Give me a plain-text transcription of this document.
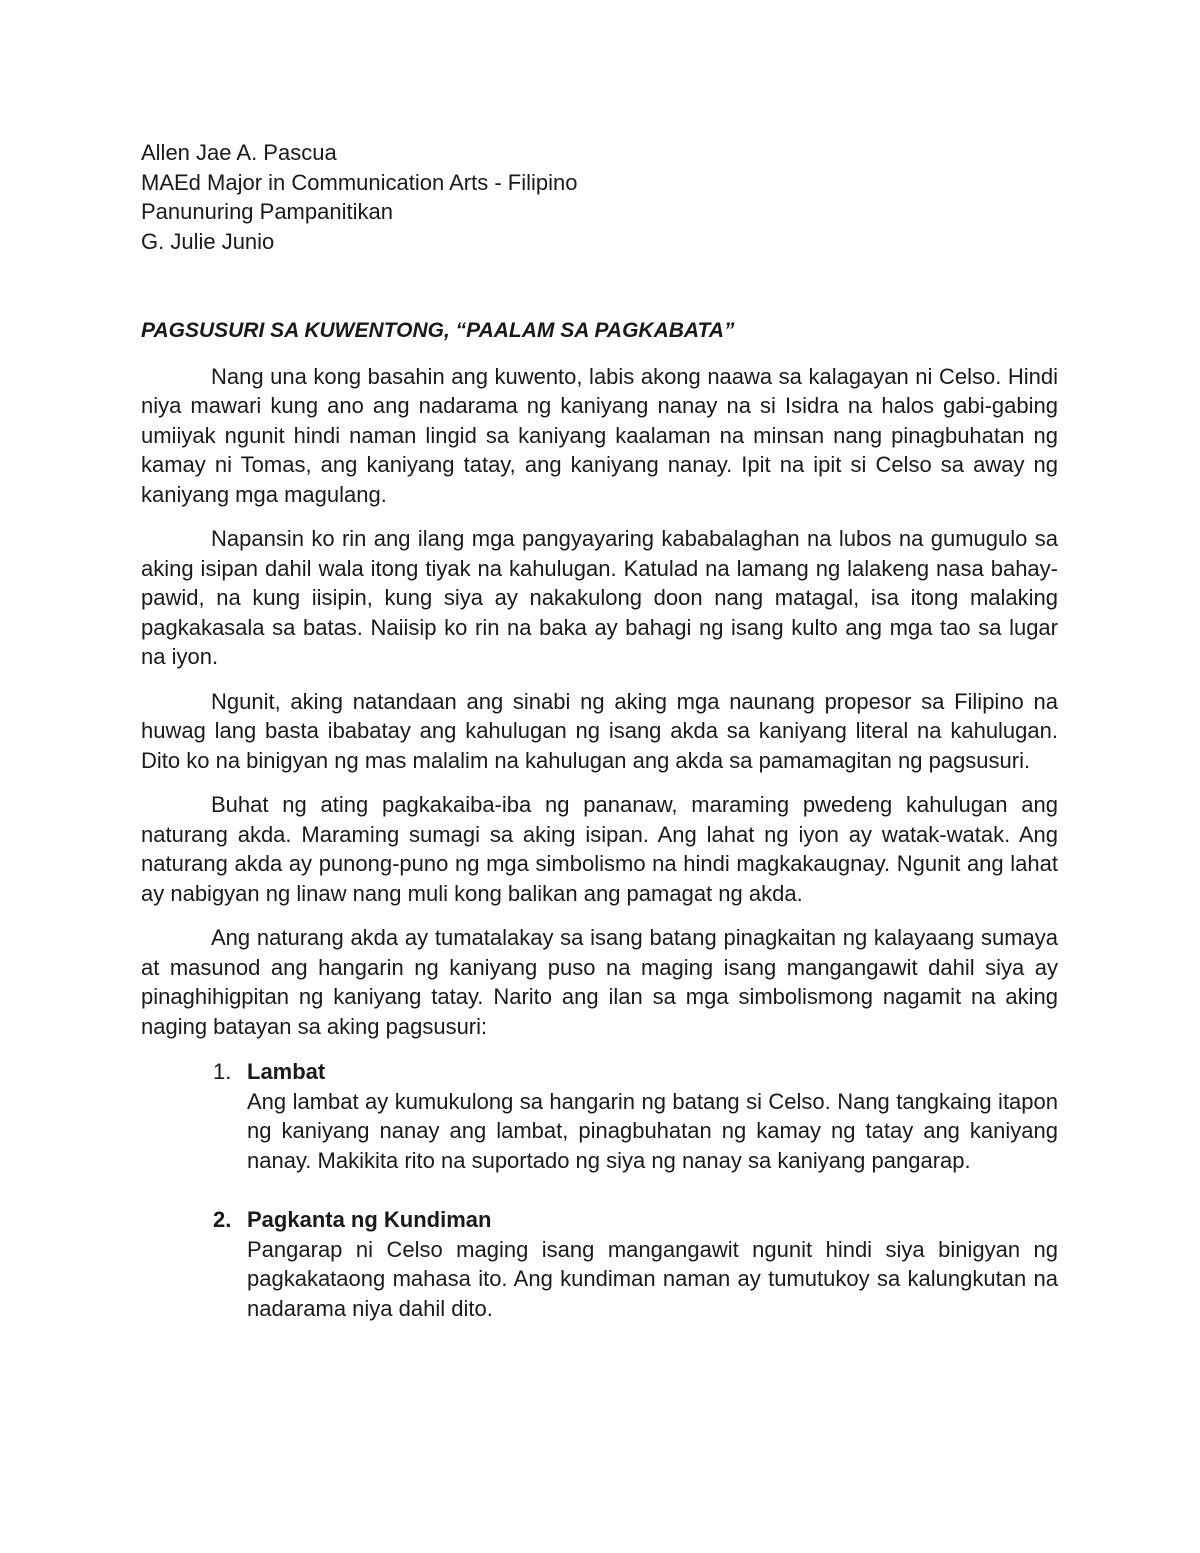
Allen Jae A. Pascua
MAEd Major in Communication Arts - Filipino
Panunuring Pampanitikan
G. Julie Junio
PAGSUSURI SA KUWENTONG, “PAALAM SA PAGKABATA”

Nang una kong basahin ang kuwento, labis akong naawa sa kalagayan ni Celso. Hindi niya mawari kung ano ang nadarama ng kaniyang nanay na si Isidra na halos gabi-gabing umiiyak ngunit hindi naman lingid sa kaniyang kaalaman na minsan nang pinagbuhatan ng kamay ni Tomas, ang kaniyang tatay, ang kaniyang nanay. Ipit na ipit si Celso sa away ng kaniyang mga magulang.

Napansin ko rin ang ilang mga pangyayaring kababalaghan na lubos na gumugulo sa aking isipan dahil wala itong tiyak na kahulugan. Katulad na lamang ng lalakeng nasa bahay-pawid, na kung iisipin, kung siya ay nakakulong doon nang matagal, isa itong malaking pagkakasala sa batas. Naiisip ko rin na baka ay bahagi ng isang kulto ang mga tao sa lugar na iyon.

Ngunit, aking natandaan ang sinabi ng aking mga naunang propesor sa Filipino na huwag lang basta ibabatay ang kahulugan ng isang akda sa kaniyang literal na kahulugan. Dito ko na binigyan ng mas malalim na kahulugan ang akda sa pamamagitan ng pagsusuri.

Buhat ng ating pagkakaiba-iba ng pananaw, maraming pwedeng kahulugan ang naturang akda. Maraming sumagi sa aking isipan. Ang lahat ng iyon ay watak-watak. Ang naturang akda ay punong-puno ng mga simbolismo na hindi magkakaugnay. Ngunit ang lahat ay nabigyan ng linaw nang muli kong balikan ang pamagat ng akda.

Ang naturang akda ay tumatalakay sa isang batang pinagkaitan ng kalayaang sumaya at masunod ang hangarin ng kaniyang puso na maging isang mangangawit dahil siya ay pinaghihigpitan ng kaniyang tatay. Narito ang ilan sa mga simbolismong nagamit na aking naging batayan sa aking pagsusuri:

1. Lambat
Ang lambat ay kumukulong sa hangarin ng batang si Celso. Nang tangkaing itapon ng kaniyang nanay ang lambat, pinagbuhatan ng kamay ng tatay ang kaniyang nanay. Makikita rito na suportado ng siya ng nanay sa kaniyang pangarap.
2. Pagkanta ng Kundiman
Pangarap ni Celso maging isang mangangawit ngunit hindi siya binigyan ng pagkakataong mahasa ito. Ang kundiman naman ay tumutukoy sa kalungkutan na nadarama niya dahil dito.
